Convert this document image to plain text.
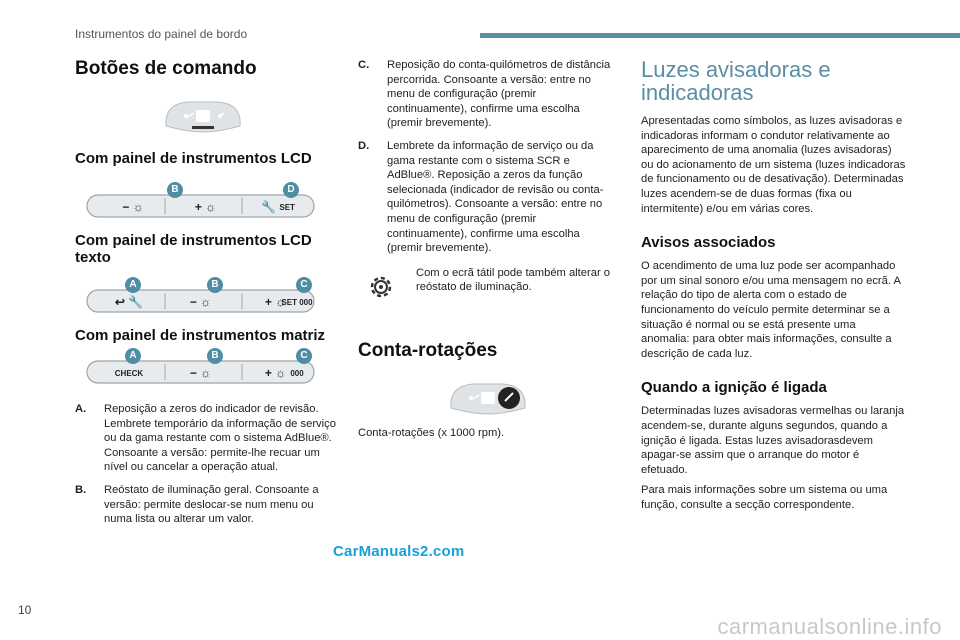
Instrumentos do painel de bordo
Botões de comando
Com painel de instrumentos LCD
B	D
− ☼	+ ☼	🔧 SET
Com painel de instrumentos LCD texto
A	B	C
↩ 🔧	− ☼	+ ☼
SET 000
Com painel de instrumentos matriz
A	B	C
CHECK	− ☼	+ ☼ 000
A.	Reposição a zeros do indicador de revisão. Lembrete temporário da informação de serviço ou da gama restante com o sistema AdBlue®. Consoante a versão: permite-lhe recuar um nível ou cancelar a operação atual.
B.	Reóstato de iluminação geral. Consoante a versão: permite deslocar-se num menu ou numa lista ou alterar um valor.
C.	Reposição do conta-quilómetros de distância percorrida. Consoante a versão: entre no menu de configuração (premir continuamente), confirme uma escolha (premir brevemente).
D.	Lembrete da informação de serviço ou da gama restante com o sistema SCR e AdBlue®. Reposição a zeros da função selecionada (indicador de revisão ou conta-quilómetros). Consoante a versão: entre no menu de configuração (premir continuamente), confirme uma escolha (premir brevemente).
Com o ecrã tátil pode também alterar o reóstato de iluminação.
Conta-rotações

Conta-rotações (x 1000 rpm).

Luzes avisadoras e indicadoras

Apresentadas como símbolos, as luzes avisadoras e indicadoras informam o condutor relativamente ao aparecimento de uma anomalia (luzes avisadoras) ou do acionamento de um sistema (luzes indicadoras de funcionamento ou de desativação). Determinadas luzes acendem-se de duas formas (fixa ou intermitente) e/ou em várias cores.

Avisos associados

O acendimento de uma luz pode ser acompanhado por um sinal sonoro e/ou uma mensagem no ecrã. A relação do tipo de alerta com o estado de funcionamento do veículo permite determinar se a situação é normal ou se está presente uma anomalia: para obter mais informações, consulte a descrição de cada luz.

Quando a ignição é ligada

Determinadas luzes avisadoras vermelhas ou laranja acendem-se, durante alguns segundos, quando a ignição é ligada. Estas luzes avisadorasdevem apagar-se assim que o arranque do motor é efetuado.

Para mais informações sobre um sistema ou uma função, consulte a secção correspondente.

10
CarManuals2.com
carmanualsonline.info
